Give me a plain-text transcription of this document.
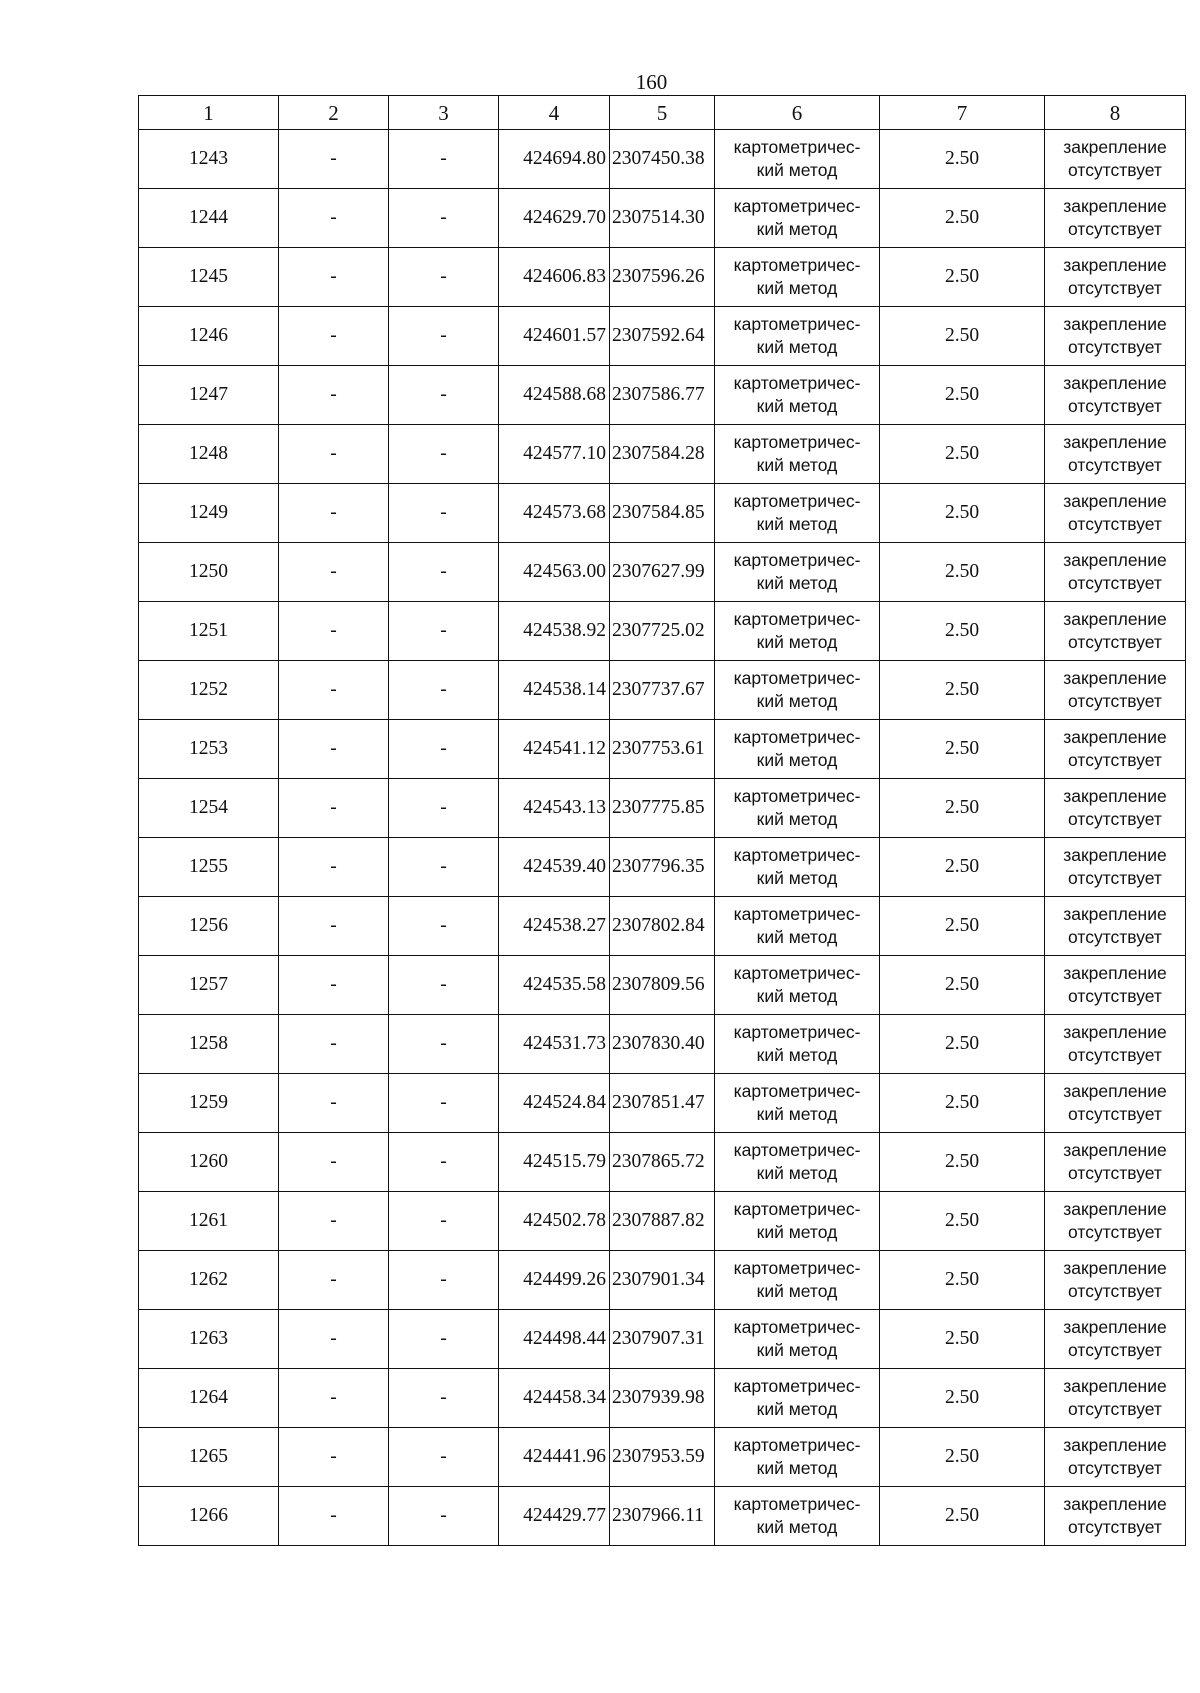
160
1	2	3	4	5	6	7	8
1243	-	-	424694.80	2307450.38	картометричес-
кий метод	2.50	закрепление
отсутствует

1244	-	-	424629.70	2307514.30	картометричес-
кий метод	2.50	закрепление
отсутствует

1245	-	-	424606.83	2307596.26	картометричес-
кий метод	2.50	закрепление
отсутствует

1246	-	-	424601.57	2307592.64	картометричес-
кий метод	2.50	закрепление
отсутствует

1247	-	-	424588.68	2307586.77	картометричес-
кий метод	2.50	закрепление
отсутствует

1248	-	-	424577.10	2307584.28	картометричес-
кий метод	2.50	закрепление
отсутствует

1249	-	-	424573.68	2307584.85	картометричес-
кий метод	2.50	закрепление
отсутствует

1250	-	-	424563.00	2307627.99	картометричес-
кий метод	2.50	закрепление
отсутствует

1251	-	-	424538.92	2307725.02	картометричес-
кий метод	2.50	закрепление
отсутствует

1252	-	-	424538.14	2307737.67	картометричес-
кий метод	2.50	закрепление
отсутствует

1253	-	-	424541.12	2307753.61	картометричес-
кий метод	2.50	закрепление
отсутствует

1254	-	-	424543.13	2307775.85	картометричес-
кий метод	2.50	закрепление
отсутствует

1255	-	-	424539.40	2307796.35	картометричес-
кий метод	2.50	закрепление
отсутствует

1256	-	-	424538.27	2307802.84	картометричес-
кий метод	2.50	закрепление
отсутствует

1257	-	-	424535.58	2307809.56	картометричес-
кий метод	2.50	закрепление
отсутствует

1258	-	-	424531.73	2307830.40	картометричес-
кий метод	2.50	закрепление
отсутствует

1259	-	-	424524.84	2307851.47	картометричес-
кий метод	2.50	закрепление
отсутствует

1260	-	-	424515.79	2307865.72	картометричес-
кий метод	2.50	закрепление
отсутствует

1261	-	-	424502.78	2307887.82	картометричес-
кий метод	2.50	закрепление
отсутствует

1262	-	-	424499.26	2307901.34	картометричес-
кий метод	2.50	закрепление
отсутствует

1263	-	-	424498.44	2307907.31	картометричес-
кий метод	2.50	закрепление
отсутствует

1264	-	-	424458.34	2307939.98	картометричес-
кий метод	2.50	закрепление
отсутствует

1265	-	-	424441.96	2307953.59	картометричес-
кий метод	2.50	закрепление
отсутствует

1266	-	-	424429.77	2307966.11	картометричес-
кий метод	2.50	закрепление
отсутствует
